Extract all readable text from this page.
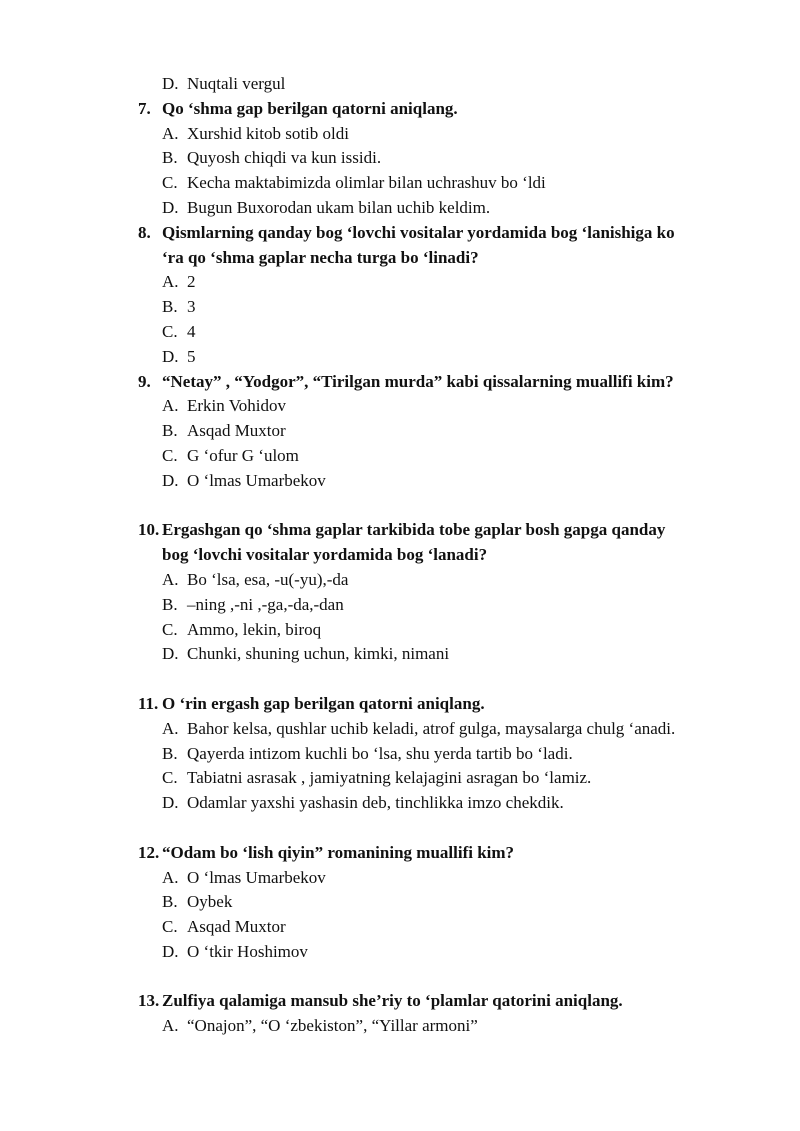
D. Nuqtali vergul
7. Qo ‘shma gap berilgan qatorni aniqlang.
A. Xurshid kitob sotib oldi
B. Quyosh chiqdi va kun issidi.
C. Kecha maktabimizda olimlar bilan uchrashuv bo ‘ldi
D. Bugun Buxorodan ukam bilan uchib keldim.
8. Qismlarning qanday bog ‘lovchi vositalar yordamida bog ‘lanishiga ko
‘ra qo ‘shma gaplar necha turga bo ‘linadi?
A. 2
B. 3
C. 4
D. 5
9. “Netay” , “Yodgor”, “Tirilgan murda” kabi qissalarning muallifi kim?
A. Erkin Vohidov
B. Asqad Muxtor
C. G ‘ofur G ‘ulom
D. O ‘lmas Umarbekov
10. Ergashgan qo ‘shma gaplar tarkibida tobe gaplar bosh gapga qanday
bog ‘lovchi vositalar yordamida bog ‘lanadi?
A. Bo ‘lsa, esa, -u(-yu),-da
B. –ning ,-ni ,-ga,-da,-dan
C. Ammo, lekin, biroq
D. Chunki, shuning uchun, kimki, nimani
11. O ‘rin ergash gap berilgan qatorni aniqlang.
A. Bahor kelsa, qushlar uchib keladi, atrof gulga, maysalarga chulg ‘anadi.
B. Qayerda intizom kuchli bo ‘lsa, shu yerda tartib bo ‘ladi.
C. Tabiatni asrasak , jamiyatning kelajagini asragan bo ‘lamiz.
D. Odamlar yaxshi yashasin deb, tinchlikka imzo chekdik.
12. “Odam bo ‘lish qiyin” romanining muallifi kim?
A. O ‘lmas Umarbekov
B. Oybek
C. Asqad Muxtor
D. O ‘tkir Hoshimov
13. Zulfiya qalamiga mansub she’riy to ‘plamlar qatorini aniqlang.
A. “Onajon”, “O ‘zbekiston”, “Yillar armoni”
